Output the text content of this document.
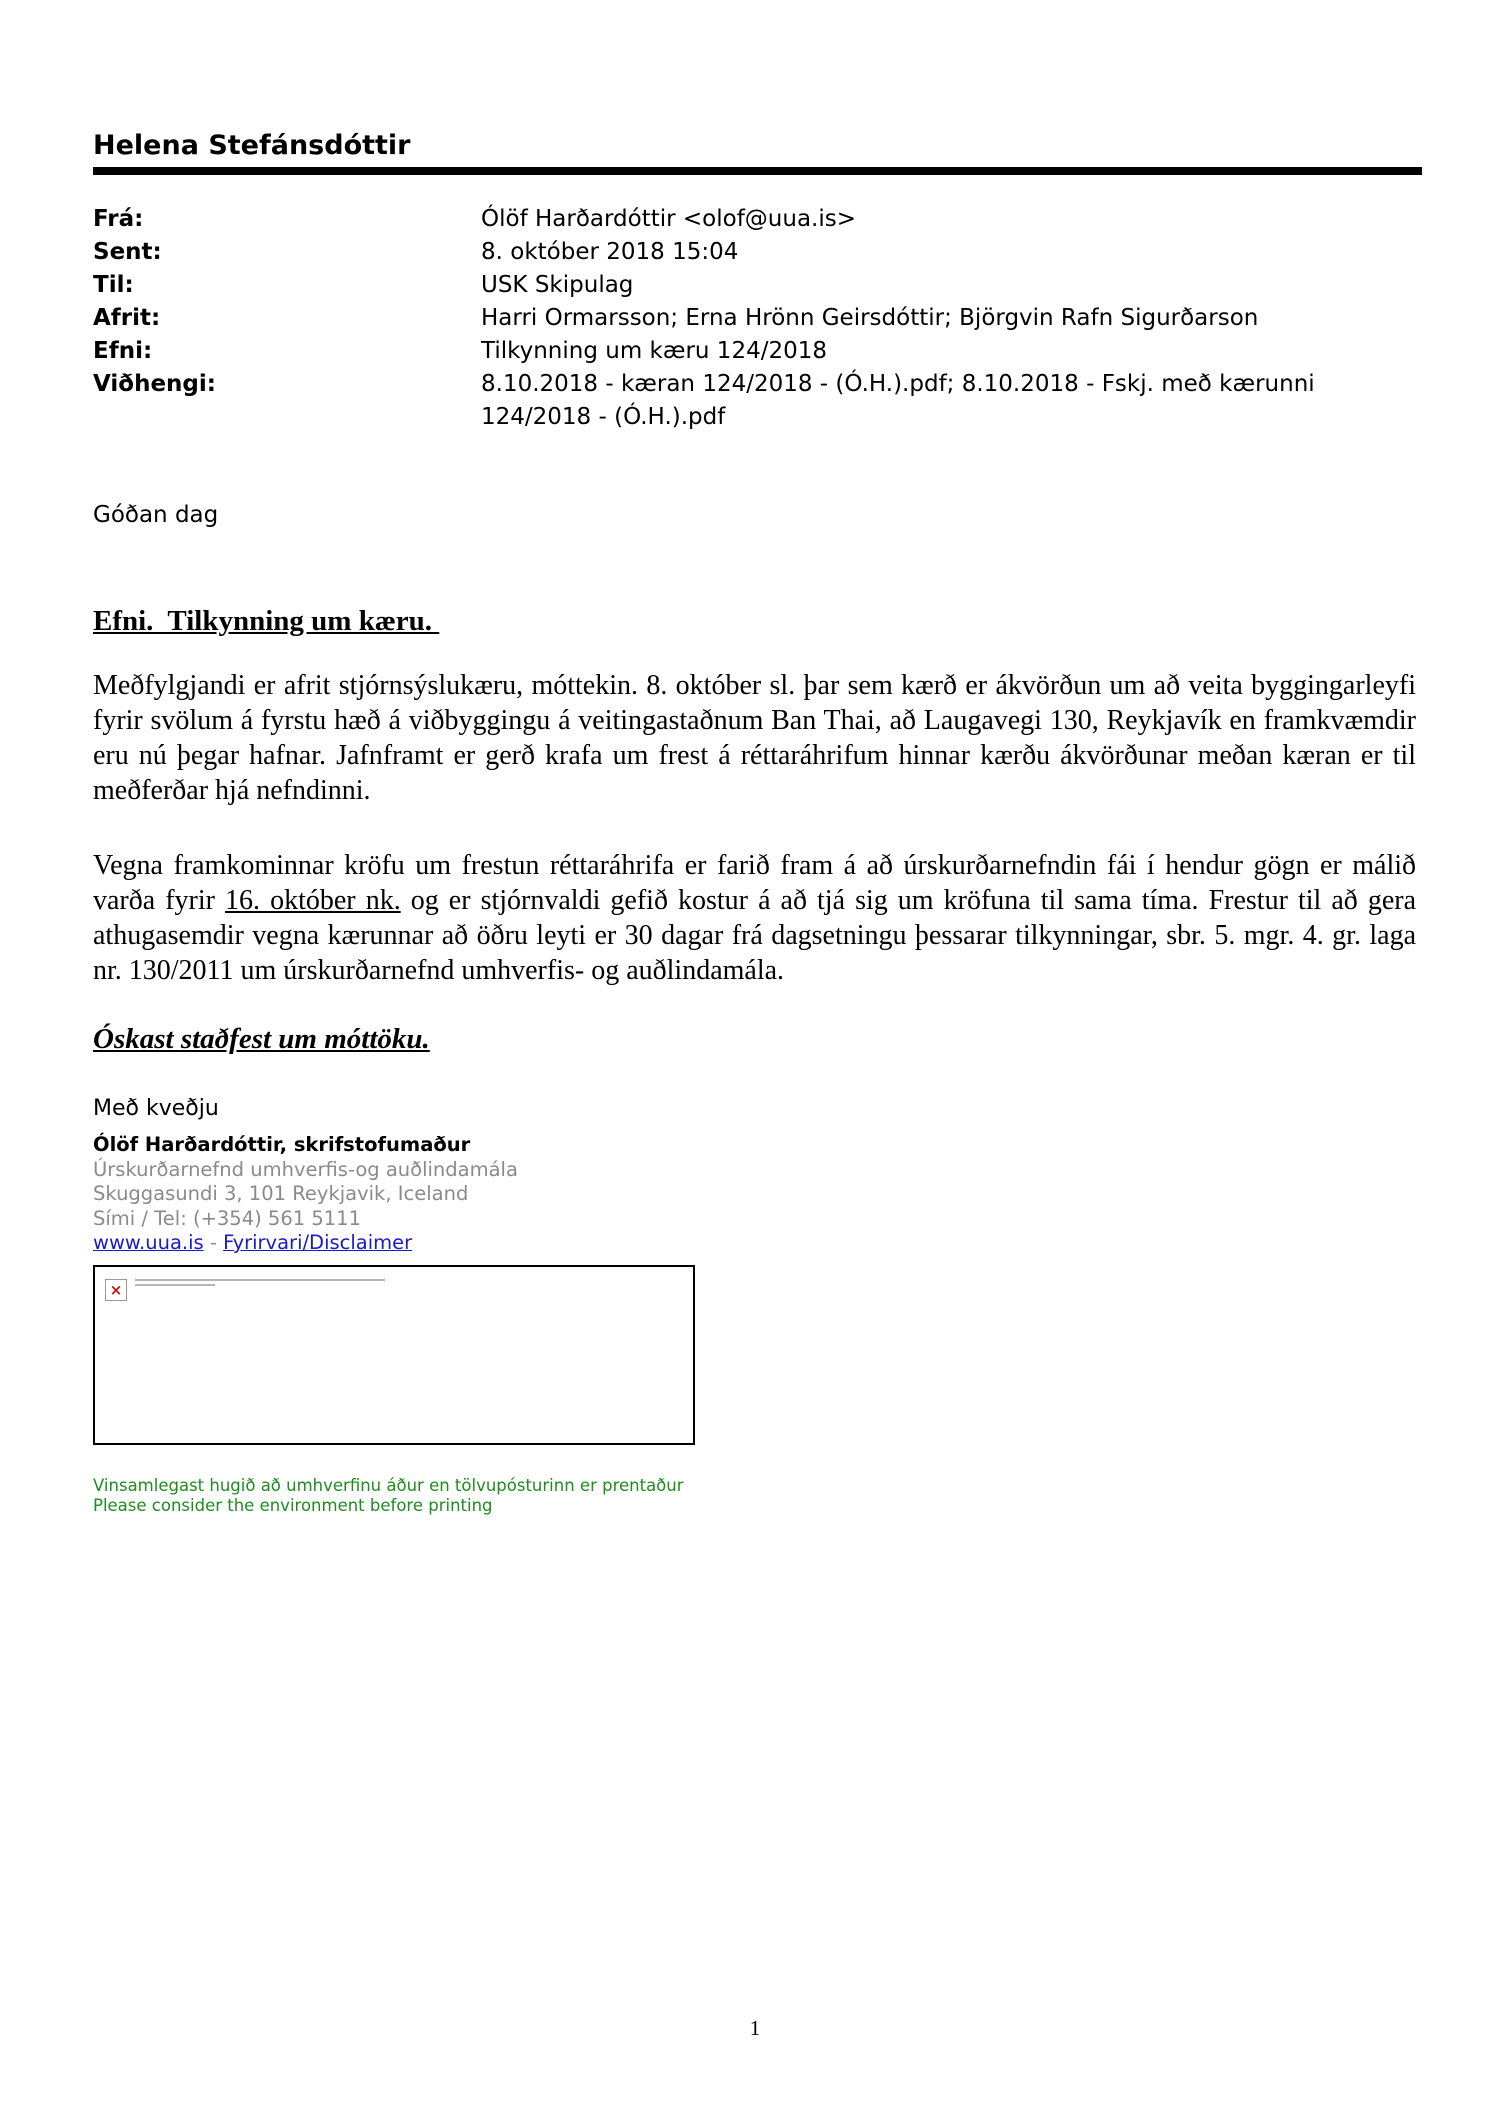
Helena Stefánsdóttir
Frá:	Ólöf Harðardóttir <olof@uua.is>
Sent:	8. október 2018 15:04
Til:	USK Skipulag
Afrit:	Harri Ormarsson; Erna Hrönn Geirsdóttir; Björgvin Rafn Sigurðarson
Efni:	Tilkynning um kæru 124/2018
Viðhengi:	8.10.2018 - kæran 124/2018 - (Ó.H.).pdf; 8.10.2018 - Fskj. með kærunni 124/2018 - (Ó.H.).pdf
Góðan dag
Efni.  Tilkynning um kæru.
Meðfylgjandi er afrit stjórnsýslukæru, móttekin. 8. október sl. þar sem kærð er ákvörðun um að veita byggingarleyfi fyrir svölum á fyrstu hæð á viðbyggingu á veitingastaðnum Ban Thai, að Laugavegi 130, Reykjavík en framkvæmdir eru nú þegar hafnar. Jafnframt er gerð krafa um frest á réttaráhrifum hinnar kærðu ákvörðunar meðan kæran er til meðferðar hjá nefndinni.
Vegna framkominnar kröfu um frestun réttaráhrifa er farið fram á að úrskurðarnefndin fái í hendur gögn er málið varða fyrir 16. október nk. og er stjórnvaldi gefið kostur á að tjá sig um kröfuna til sama tíma. Frestur til að gera athugasemdir vegna kærunnar að öðru leyti er 30 dagar frá dagsetningu þessarar tilkynningar, sbr. 5. mgr. 4. gr. laga nr. 130/2011 um úrskurðarnefnd umhverfis- og auðlindamála.
Óskast staðfest um móttöku.
Með kveðju
Ólöf Harðardóttir, skrifstofumaður
Úrskurðarnefnd umhverfis-og auðlindamála
Skuggasundi 3, 101 Reykjavik, Iceland
Sími / Tel: (+354) 561 5111
www.uua.is - Fyrirvari/Disclaimer
×
Vinsamlegast hugið að umhverfinu áður en tölvupósturinn er prentaður
Please consider the environment before printing
1
